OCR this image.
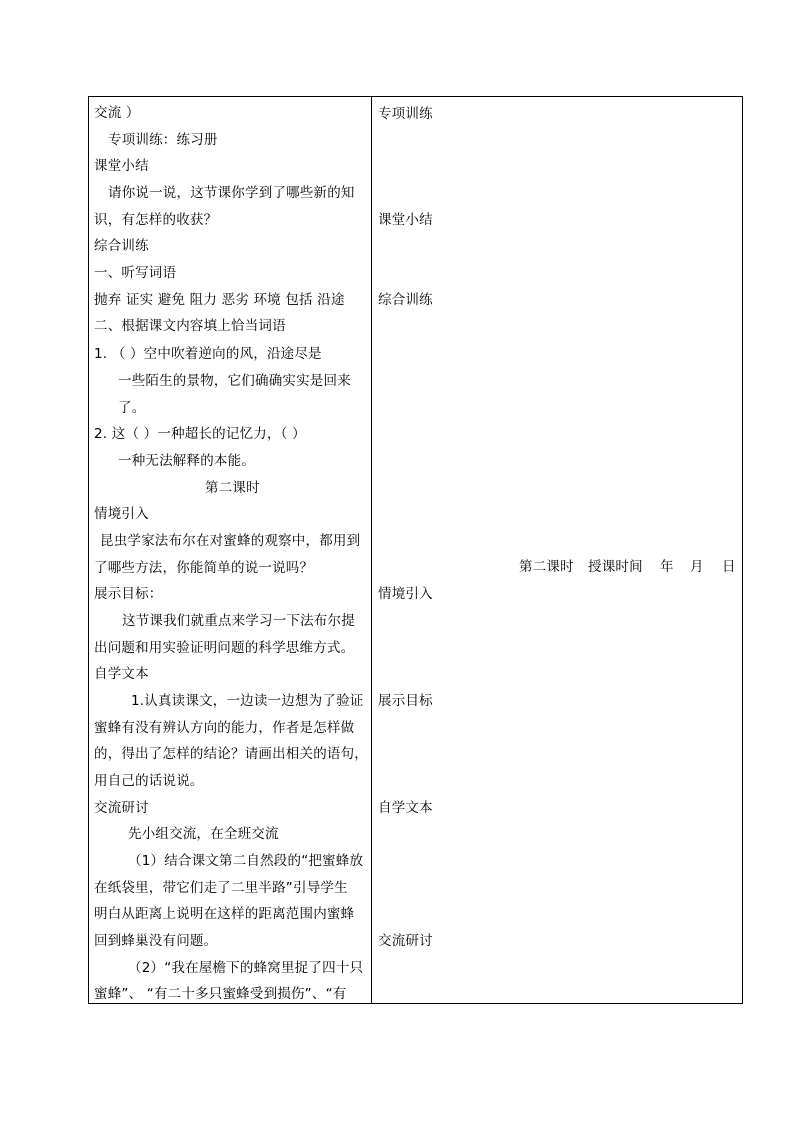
交流 ）
专项训练：练习册
课堂小结
请你说一说，这节课你学到了哪些新的知
识，有怎样的收获？
综合训练
一、听写词语
抛弃 证实 避免 阻力 恶劣 环境 包括 沿途
二、根据课文内容填上恰当词语
1. （ ）空中吹着逆向的风，沿途尽是
一些陌生的景物，它们确确实实是回来
了。
2. 这（ ）一种超长的记忆力，（ ）
一种无法解释的本能。
第二课时
情境引入
昆虫学家法布尔在对蜜蜂的观察中，都用到
了哪些方法，你能简单的说一说吗？
展示目标：
这节课我们就重点来学习一下法布尔提
出问题和用实验证明问题的科学思维方式。
自学文本
1.认真读课文，一边读一边想为了验证
蜜蜂有没有辨认方向的能力，作者是怎样做
的，得出了怎样的结论？请画出相关的语句，
用自己的话说说。
交流研讨
先小组交流，在全班交流
（1）结合课文第二自然段的“把蜜蜂放
在纸袋里，带它们走了二里半路”引导学生
明白从距离上说明在这样的距离范围内蜜蜂
回到蜂巢没有问题。
（2）“我在屋檐下的蜂窝里捉了四十只
蜜蜂”、 “有二十多只蜜蜂受到损伤”、“有
专项训练
课堂小结
综合训练
情境引入
展示目标
自学文本
交流研讨
第二课时 授课时间 年 月 日
